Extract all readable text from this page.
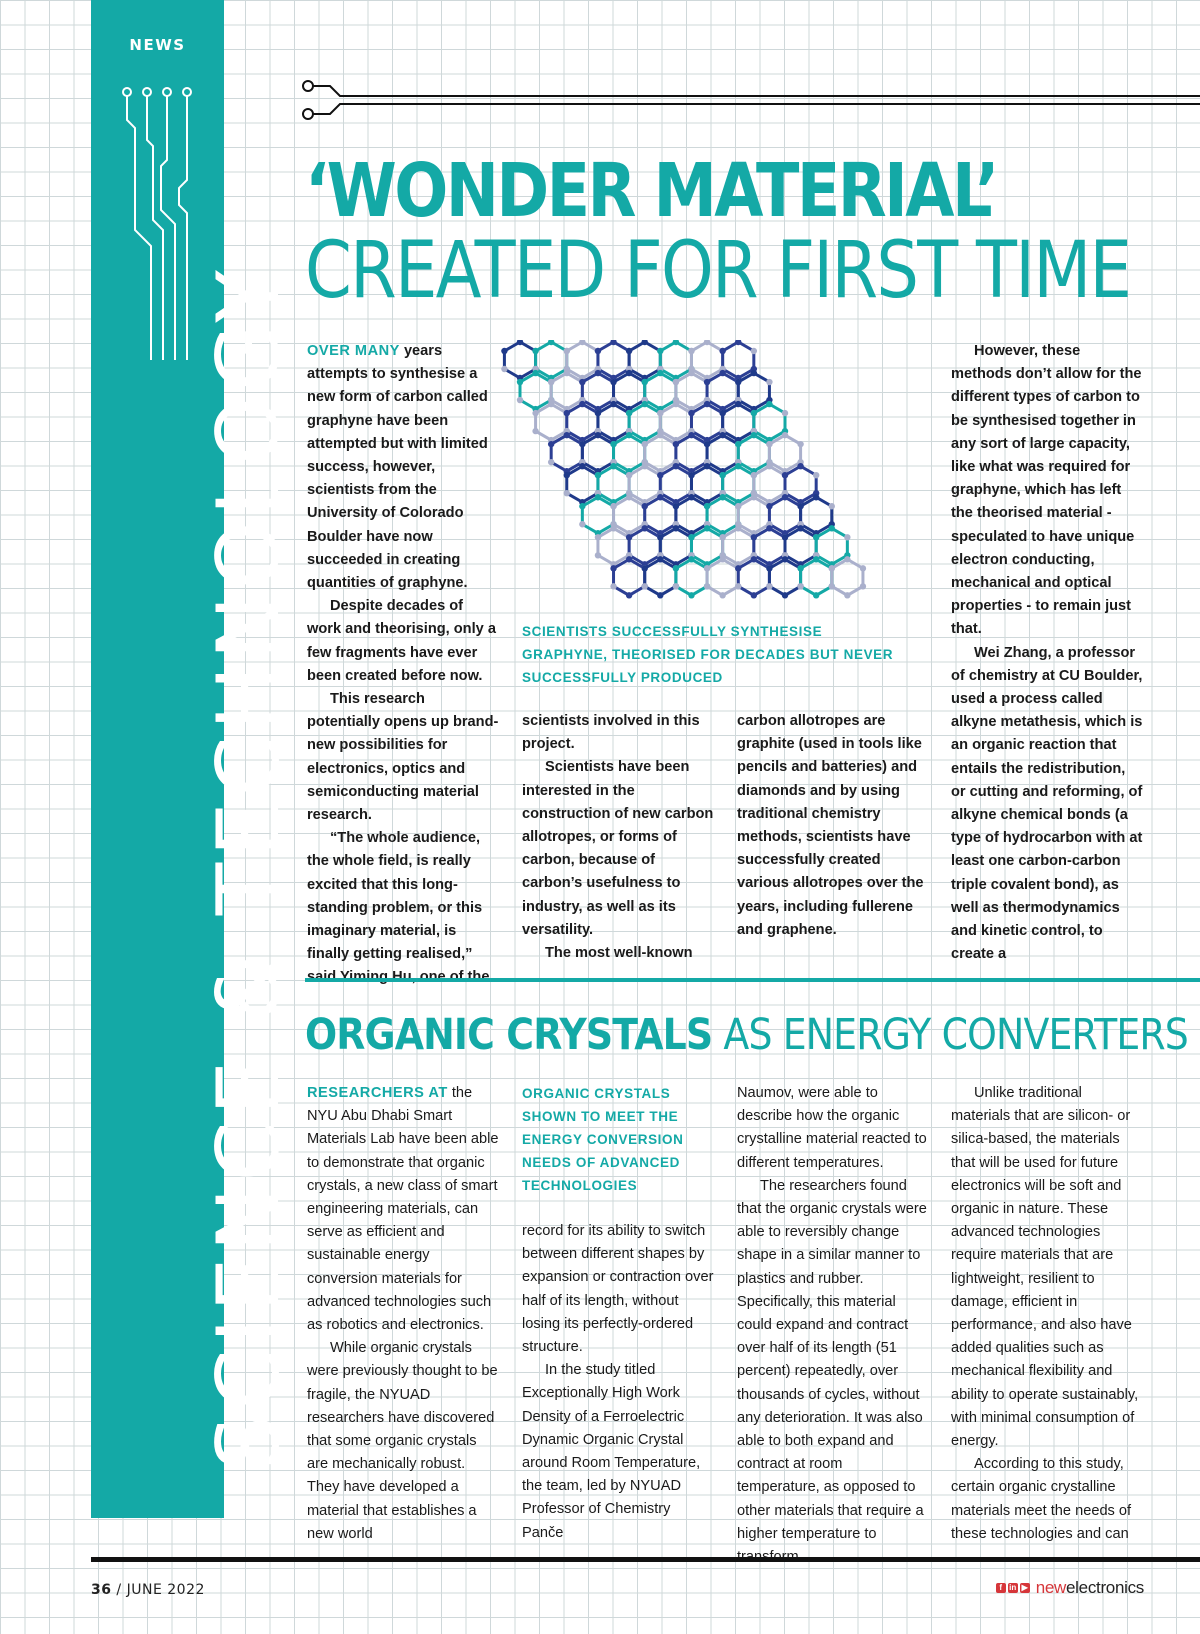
NEWS
SCIENCE & TECHNOLOGY
‘WONDER MATERIAL’
CREATED FOR FIRST TIME

OVER MANY years attempts to synthesise a new form of carbon called graphyne have been attempted but with limited success, however, scientists from the University of Colorado Boulder have now succeeded in creating quantities of graphyne.

Despite decades of work and theorising, only a few fragments have ever been created before now.

This research potentially opens up brand-new possibilities for electronics, optics and semiconducting material research.

“The whole audience, the whole field, is really excited that this long-standing problem, or this imaginary material, is finally getting realised,”

SCIENTISTS SUCCESSFULLY SYNTHESISE GRAPHYNE, THEORISED FOR DECADES BUT NEVER SUCCESSFULLY PRODUCED

scientists involved in this project.

Scientists have been interested in the construction of new carbon allotropes, or forms of carbon, because of carbon’s usefulness to industry, as well as its versatility.

The most well-known

carbon allotropes are graphite (used in tools like pencils and batteries) and diamonds and by using traditional chemistry methods, scientists have successfully created various allotropes over the years, including fullerene and graphene.

However, these methods don’t allow for the different types of carbon to be synthesised together in any sort of large capacity, like what was required for graphyne, which has left the theorised material - speculated to have unique electron conducting, mechanical and optical properties - to remain just that.

Wei Zhang, a professor of chemistry at CU Boulder, used a process called alkyne metathesis, which is an organic reaction that entails the redistribution, or cutting and reforming, of alkyne chemical bonds (a type of hydrocarbon with at least one carbon-carbon triple covalent bond), as well as thermodynamics and kinetic control, to create a

ORGANIC CRYSTALS AS ENERGY CONVERTERS

RESEARCHERS AT the NYU Abu Dhabi Smart Materials Lab have been able to demonstrate that organic crystals, a new class of smart engineering materials, can serve as efficient and sustainable energy conversion materials for advanced technologies such as robotics and electronics.

While organic crystals were previously thought to be fragile, the NYUAD researchers have discovered that some organic crystals are mechanically robust. They have developed a material that establishes a new world

ORGANIC CRYSTALS SHOWN TO MEET THE ENERGY CONVERSION NEEDS OF ADVANCED TECHNOLOGIES

record for its ability to switch between different shapes by expansion or contraction over half of its length, without losing its perfectly-ordered structure.

In the study titled Exceptionally High Work Density of a Ferroelectric Dynamic Organic Crystal around Room Temperature, the team, led by NYUAD Professor of Chemistry Panče

Naumov, were able to describe how the organic crystalline material reacted to different temperatures.

The researchers found that the organic crystals were able to reversibly change shape in a similar manner to plastics and rubber. Specifically, this material could expand and contract over half of its length (51 percent) repeatedly, over thousands of cycles, without any deterioration. It was also able to both expand and contract at room temperature, as opposed to other materials that require a higher temperature to

Unlike traditional materials that are silicon- or silica-based, the materials that will be used for future electronics will be soft and organic in nature. These advanced technologies require materials that are lightweight, resilient to damage, efficient in performance, and also have added qualities such as mechanical flexibility and ability to operate sustainably, with minimal consumption of energy.

According to this study, certain organic crystalline materials meet the needs of these technologies and can

36 / JUNE 2022	f in ▶ newelectronics
